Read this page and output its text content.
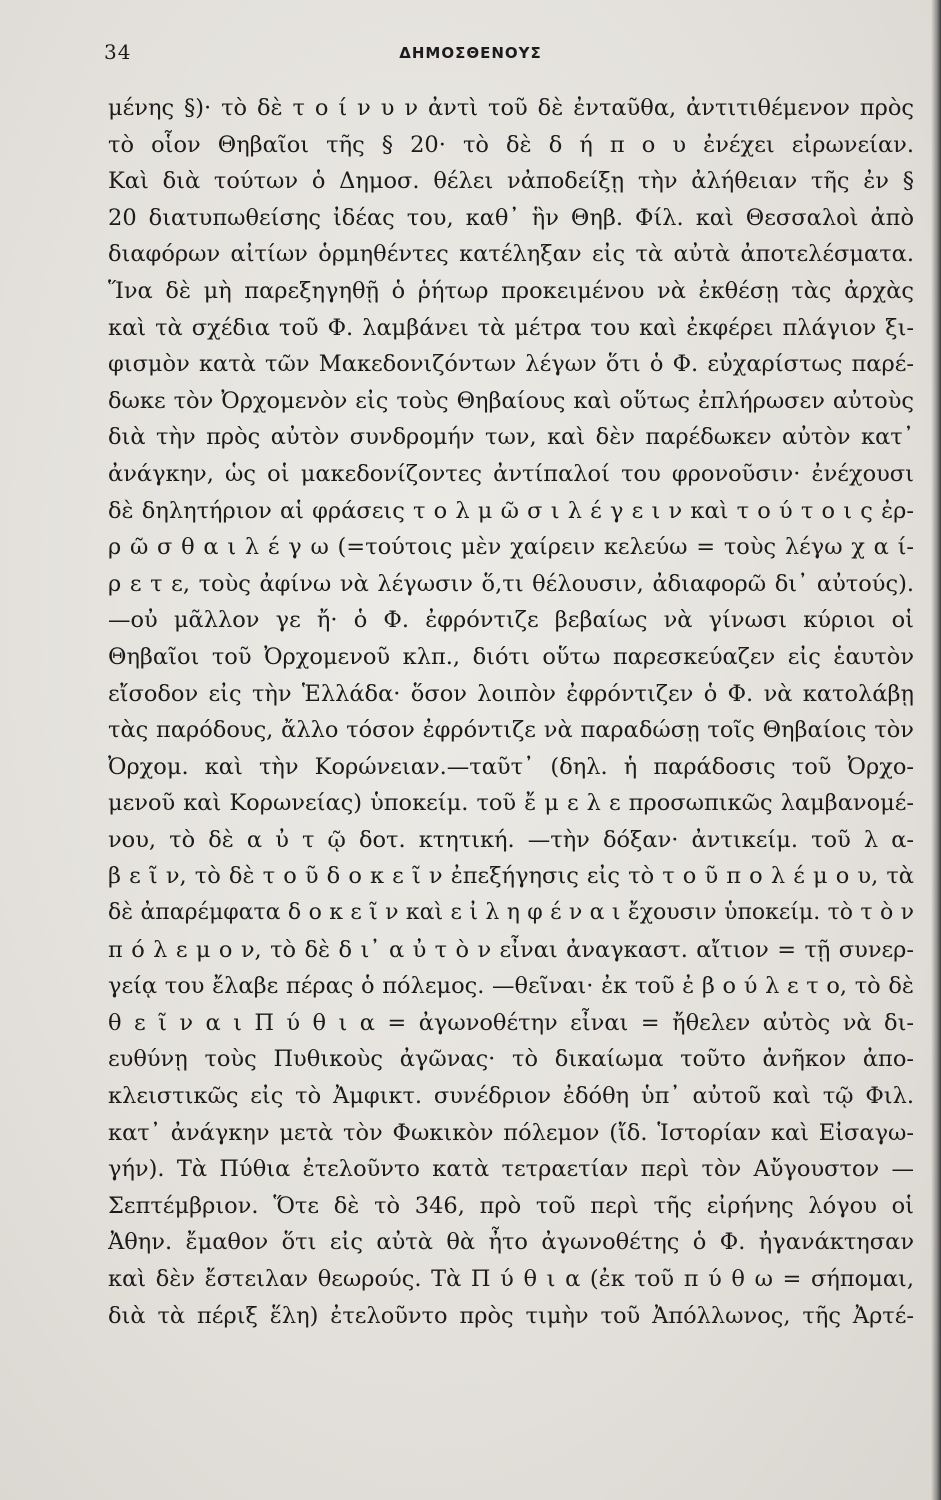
34	ΔΗΜΟΣΘΕΝΟΥΣ
μένης §)· τὸ δὲ τ ο ί ν υ ν ἀντὶ τοῦ δὲ ἐνταῦθα, ἀντιτιθέμενον πρὸς
τὸ οἷον Θηβαῖοι τῆς § 20· τὸ δὲ δ ή π ο υ ἐνέχει εἰρωνείαν.
Καὶ διὰ τούτων ὁ Δημοσ. θέλει νἀποδείξῃ τὴν ἀλήθειαν τῆς ἐν §
20 διατυπωθείσης ἰδέας του, καθ᾽ ἣν Θηβ. Φίλ. καὶ Θεσσαλοὶ ἀπὸ
διαφόρων αἰτίων ὁρμηθέντες κατέληξαν εἰς τὰ αὐτὰ ἀποτελέσματα.
Ἵνα δὲ μὴ παρεξηγηθῇ ὁ ῥήτωρ προκειμένου νὰ ἐκθέσῃ τὰς ἀρχὰς
καὶ τὰ σχέδια τοῦ Φ. λαμβάνει τὰ μέτρα του καὶ ἐκφέρει πλάγιον ξι-
φισμὸν κατὰ τῶν Μακεδονιζόντων λέγων ὅτι ὁ Φ. εὐχαρίστως παρέ-
δωκε τὸν Ὀρχομενὸν εἰς τοὺς Θηβαίους καὶ οὕτως ἐπλήρωσεν αὐτοὺς
διὰ τὴν πρὸς αὐτὸν συνδρομήν των, καὶ δὲν παρέδωκεν αὐτὸν κατ᾽
ἀνάγκην, ὡς οἱ μακεδονίζοντες ἀντίπαλοί του φρονοῦσιν· ἐνέχουσι
δὲ δηλητήριον αἱ φράσεις τ ο λ μ ῶ σ ι λ έ γ ε ι ν καὶ τ ο ύ τ ο ι ς ἐρ-
ρ ῶ σ θ α ι λ έ γ ω (=τούτοις μὲν χαίρειν κελεύω = τοὺς λέγω χ α ί-
ρ ε τ ε, τοὺς ἀφίνω νὰ λέγωσιν ὅ,τι θέλουσιν, ἀδιαφορῶ δι᾽ αὐτούς).
—οὐ μᾶλλον γε ἤ· ὁ Φ. ἐφρόντιζε βεβαίως νὰ γίνωσι κύριοι οἱ
Θηβαῖοι τοῦ Ὀρχομενοῦ κλπ., διότι οὕτω παρεσκεύαζεν εἰς ἑαυτὸν
εἴσοδον εἰς τὴν Ἑλλάδα· ὅσον λοιπὸν ἐφρόντιζεν ὁ Φ. νὰ κατολάβῃ
τὰς παρόδους, ἄλλο τόσον ἐφρόντιζε νὰ παραδώσῃ τοῖς Θηβαίοις τὸν
Ὀρχομ. καὶ τὴν Κορώνειαν.—ταῦτ᾽ (δηλ. ἡ παράδοσις τοῦ Ὀρχο-
μενοῦ καὶ Κορωνείας) ὑποκείμ. τοῦ ἔ μ ε λ ε προσωπικῶς λαμβανομέ-
νου, τὸ δὲ α ὐ τ ῷ δοτ. κτητική. —τὴν δόξαν· ἀντικείμ. τοῦ λ α-
β ε ῖ ν, τὸ δὲ τ ο ῦ δ ο κ ε ῖ ν ἐπεξήγησις εἰς τὸ τ ο ῦ π ο λ έ μ ο υ, τὰ
δὲ ἀπαρέμφατα δ ο κ ε ῖ ν καὶ ε ἰ λ η φ έ ν α ι ἔχουσιν ὑποκείμ. τὸ τ ὸ ν
π ό λ ε μ ο ν, τὸ δὲ δ ι᾽ α ὐ τ ὸ ν εἶναι ἀναγκαστ. αἴτιον = τῇ συνερ-
γείᾳ του ἔλαβε πέρας ὁ πόλεμος. —θεῖναι· ἐκ τοῦ ἐ β ο ύ λ ε τ ο, τὸ δὲ
θ ε ῖ ν α ι Π ύ θ ι α = ἀγωνοθέτην εἶναι = ἤθελεν αὐτὸς νὰ δι-
ευθύνῃ τοὺς Πυθικοὺς ἀγῶνας· τὸ δικαίωμα τοῦτο ἀνῆκον ἀπο-
κλειστικῶς εἰς τὸ Ἀμφικτ. συνέδριον ἐδόθη ὑπ᾽ αὐτοῦ καὶ τῷ Φιλ.
κατ᾽ ἀνάγκην μετὰ τὸν Φωκικὸν πόλεμον (ἴδ. Ἱστορίαν καὶ Εἰσαγω-
γήν). Τὰ Πύθια ἐτελοῦντο κατὰ τετραετίαν περὶ τὸν Αὔγουστον —
Σεπτέμβριον. Ὅτε δὲ τὸ 346, πρὸ τοῦ περὶ τῆς εἰρήνης λόγου οἱ
Ἀθην. ἔμαθον ὅτι εἰς αὐτὰ θὰ ἦτο ἀγωνοθέτης ὁ Φ. ἠγανάκτησαν
καὶ δὲν ἔστειλαν θεωρούς. Τὰ Π ύ θ ι α (ἐκ τοῦ π ύ θ ω = σήπομαι,
διὰ τὰ πέριξ ἕλη) ἐτελοῦντο πρὸς τιμὴν τοῦ Ἀπόλλωνος, τῆς Ἀρτέ-
